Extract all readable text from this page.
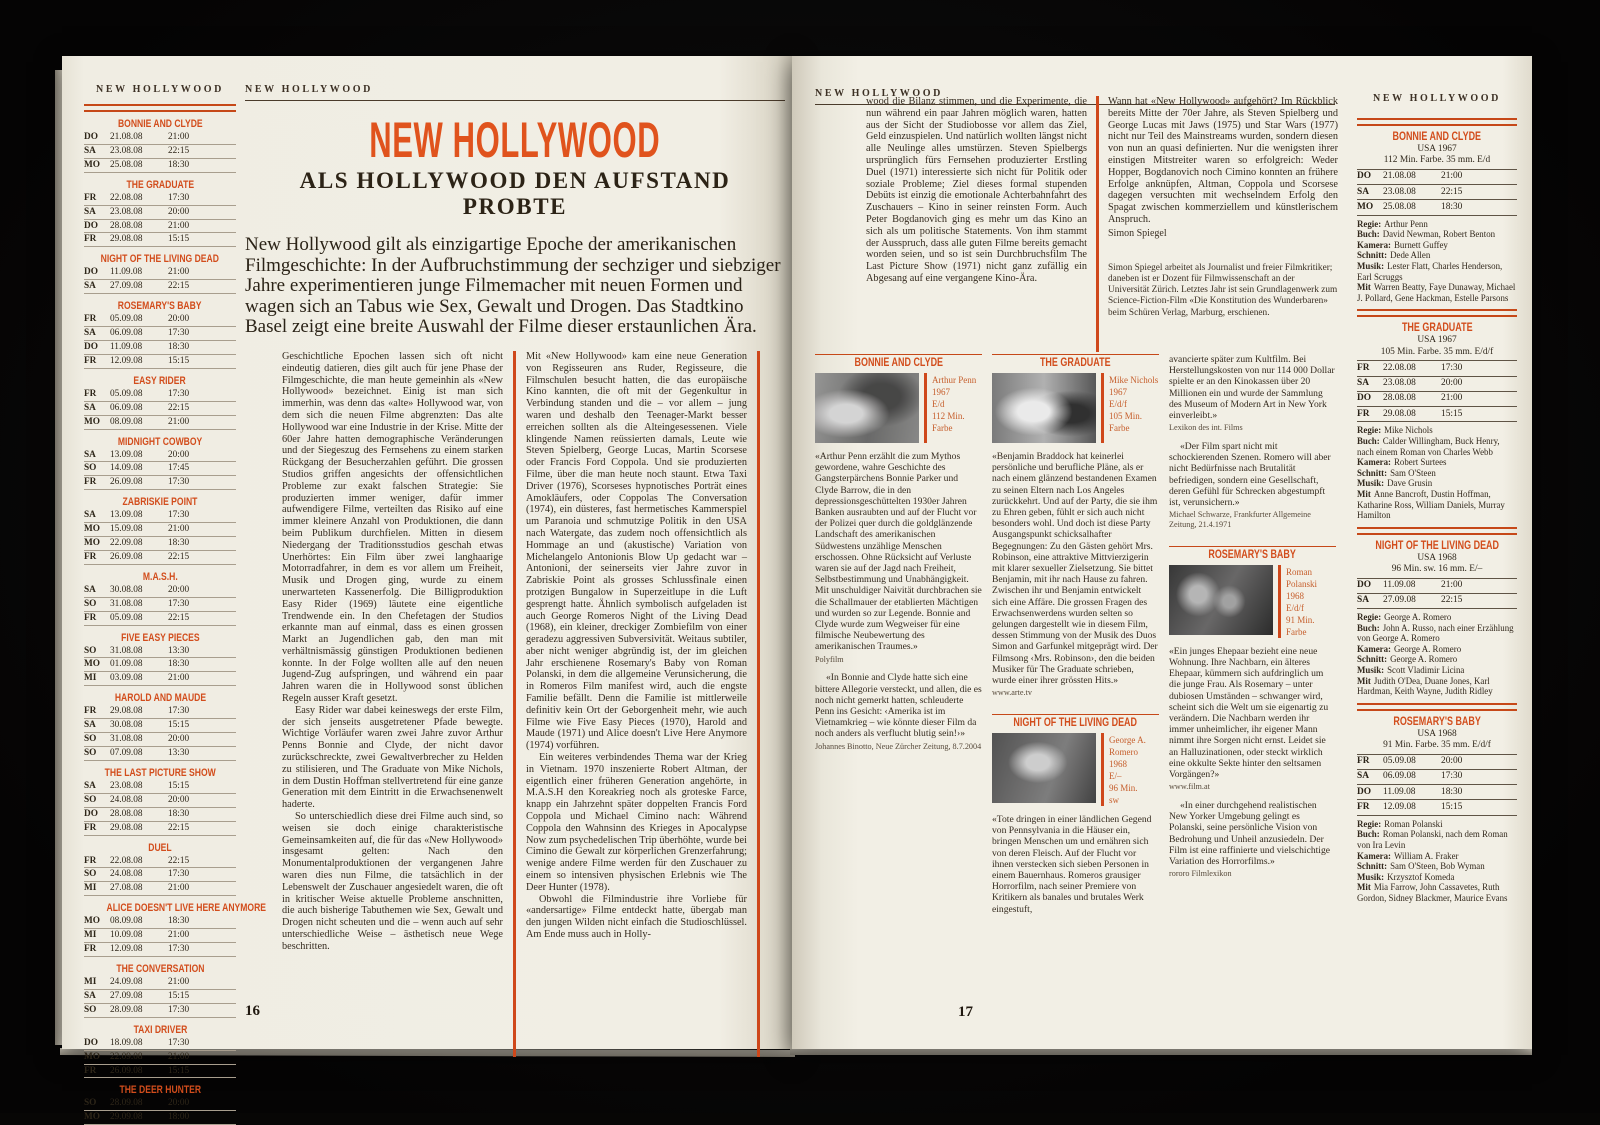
NEW HOLLYWOOD
BONNIE AND CLYDE
DO	21.08.08	21:00
SA	23.08.08	22:15
MO	25.08.08	18:30
THE GRADUATE
FR	22.08.08	17:30
SA	23.08.08	20:00
DO	28.08.08	21:00
FR	29.08.08	15:15
NIGHT OF THE LIVING DEAD
DO	11.09.08	21:00
SA	27.09.08	22:15
ROSEMARY'S BABY
FR	05.09.08	20:00
SA	06.09.08	17:30
DO	11.09.08	18:30
FR	12.09.08	15:15
EASY RIDER
FR	05.09.08	17:30
SA	06.09.08	22:15
MO	08.09.08	21:00
MIDNIGHT COWBOY
SA	13.09.08	20:00
SO	14.09.08	17:45
FR	26.09.08	17:30
ZABRISKIE POINT
SA	13.09.08	17:30
MO	15.09.08	21:00
MO	22.09.08	18:30
FR	26.09.08	22:15
M.A.S.H.
SA	30.08.08	20:00
SO	31.08.08	17:30
FR	05.09.08	22:15
FIVE EASY PIECES
SO	31.08.08	13:30
MO	01.09.08	18:30
MI	03.09.08	21:00
HAROLD AND MAUDE
FR	29.08.08	17:30
SA	30.08.08	15:15
SO	31.08.08	20:00
SO	07.09.08	13:30
THE LAST PICTURE SHOW
SA	23.08.08	15:15
SO	24.08.08	20:00
DO	28.08.08	18:30
FR	29.08.08	22:15
DUEL
FR	22.08.08	22:15
SO	24.08.08	17:30
MI	27.08.08	21:00
ALICE DOESN'T LIVE HERE ANYMORE
MO	08.09.08	18:30
MI	10.09.08	21:00
FR	12.09.08	17:30
THE CONVERSATION
MI	24.09.08	21:00
SA	27.09.08	15:15
SO	28.09.08	17:30
TAXI DRIVER
DO	18.09.08	17:30
MO	22.09.08	21:00
FR	26.09.08	15:15
THE DEER HUNTER
SO	28.09.08	20:00
MO	29.09.08	18:00
NEW HOLLYWOOD
NEW HOLLYWOOD
ALS HOLLYWOOD DEN AUFSTAND PROBTE

New Hollywood gilt als einzigartige Epoche der amerikanischen Filmgeschichte: In der Aufbruchstimmung der sechziger und siebziger Jahre experimentieren junge Filmemacher mit neuen Formen und wagen sich an Tabus wie Sex, Gewalt und Drogen. Das Stadtkino Basel zeigt eine breite Auswahl der Filme dieser erstaunlichen Ära.

Geschichtliche Epochen lassen sich oft nicht eindeutig datieren, dies gilt auch für jene Phase der Filmgeschichte, die man heute gemeinhin als «New Hollywood» bezeichnet. Einig ist man sich immerhin, was denn das «alte» Hollywood war, von dem sich die neuen Filme abgrenzten: Das alte Hollywood war eine Industrie in der Krise. Mitte der 60er Jahre hatten demographische Veränderungen und der Siegeszug des Fernsehens zu einem starken Rückgang der Besucherzahlen geführt. Die grossen Studios griffen angesichts der offensichtlichen Probleme zur exakt falschen Strategie: Sie produzierten immer weniger, dafür immer aufwendigere Filme, verteilten das Risiko auf eine immer kleinere Anzahl von Produktionen, die dann beim Publikum durchfielen. Mitten in diesem Niedergang der Traditionsstudios geschah etwas Unerhörtes: Ein Film über zwei langhaarige Motorradfahrer, in dem es vor allem um Freiheit, Musik und Drogen ging, wurde zu einem unerwarteten Kassenerfolg. Die Billigproduktion Easy Rider (1969) läutete eine eigentliche Trendwende ein. In den Chefetagen der Studios erkannte man auf einmal, dass es einen grossen Markt an Jugendlichen gab, den man mit verhältnismässig günstigen Produktionen bedienen konnte. In der Folge wollten alle auf den neuen Jugend-Zug aufspringen, und während ein paar Jahren waren die in Hollywood sonst üblichen Regeln ausser Kraft gesetzt.

Easy Rider war dabei keineswegs der erste Film, der sich jenseits ausgetretener Pfade bewegte. Wichtige Vorläufer waren zwei Jahre zuvor Arthur Penns Bonnie and Clyde, der nicht davor zurückschreckte, zwei Gewaltverbrecher zu Helden zu stilisieren, und The Graduate von Mike Nichols, in dem Dustin Hoffman stellvertretend für eine ganze Generation mit dem Eintritt in die Erwachsenenwelt haderte.

So unterschiedlich diese drei Filme auch sind, so weisen sie doch einige charakteristische Gemeinsamkeiten auf, die für das «New Hollywood» insgesamt gelten: Nach den Monumentalproduktionen der vergangenen Jahre waren dies nun Filme, die tatsächlich in der Lebenswelt der Zuschauer angesiedelt waren, die oft in kritischer Weise aktuelle Probleme anschnitten, die auch bisherige Tabuthemen wie Sex, Gewalt und Drogen nicht scheuten und die – wenn auch auf sehr unterschiedliche Weise – ästhetisch neue Wege beschritten.

Mit «New Hollywood» kam eine neue Generation von Regisseuren ans Ruder, Regisseure, die Filmschulen besucht hatten, die das europäische Kino kannten, die oft mit der Gegenkultur in Verbindung standen und die – vor allem – jung waren und deshalb den Teenager-Markt besser erreichen sollten als die Alteingesessenen. Viele klingende Namen reüssierten damals, Leute wie Steven Spielberg, George Lucas, Martin Scorsese oder Francis Ford Coppola. Und sie produzierten Filme, über die man heute noch staunt. Etwa Taxi Driver (1976), Scorseses hypnotisches Porträt eines Amokläufers, oder Coppolas The Conversation (1974), ein düsteres, fast hermetisches Kammerspiel um Paranoia und schmutzige Politik in den USA nach Watergate, das zudem noch offensichtlich als Hommage an und (akustische) Variation von Michelangelo Antonionis Blow Up gedacht war – Antonioni, der seinerseits vier Jahre zuvor in Zabriskie Point als grosses Schlussfinale einen protzigen Bungalow in Superzeitlupe in die Luft gesprengt hatte. Ähnlich symbolisch aufgeladen ist auch George Romeros Night of the Living Dead (1968), ein kleiner, dreckiger Zombiefilm von einer geradezu aggressiven Subversivität. Weitaus subtiler, aber nicht weniger abgründig ist, der im gleichen Jahr erschienene Rosemary's Baby von Roman Polanski, in dem die allgemeine Verunsicherung, die in Romeros Film manifest wird, auch die engste Familie befällt. Denn die Familie ist mittlerweile definitiv kein Ort der Geborgenheit mehr, wie auch Filme wie Five Easy Pieces (1970), Harold and Maude (1971) und Alice doesn't Live Here Anymore (1974) vorführen.

Ein weiteres verbindendes Thema war der Krieg in Vietnam. 1970 inszenierte Robert Altman, der eigentlich einer früheren Generation angehörte, in M.A.S.H den Koreakrieg noch als groteske Farce, knapp ein Jahrzehnt später doppelten Francis Ford Coppola und Michael Cimino nach: Während Coppola den Wahnsinn des Krieges in Apocalypse Now zum psychedelischen Trip überhöhte, wurde bei Cimino die Gewalt zur körperlichen Grenzerfahrung; wenige andere Filme werden für den Zuschauer zu einem so intensiven physischen Erlebnis wie The Deer Hunter (1978).

Obwohl die Filmindustrie ihre Vorliebe für «andersartige» Filme entdeckt hatte, übergab man den jungen Wilden nicht einfach die Studioschlüssel. Am Ende muss auch in Holly-

16
NEW HOLLYWOOD	NEW HOLLYWOOD

wood die Bilanz stimmen, und die Experimente, die nun während ein paar Jahren möglich waren, hatten aus der Sicht der Studiobosse vor allem das Ziel, Geld einzuspielen. Und natürlich wollten längst nicht alle Neulinge alles umstürzen. Steven Spielbergs ursprünglich fürs Fernsehen produzierter Erstling Duel (1971) interessierte sich nicht für Politik oder soziale Probleme; Ziel dieses formal stupenden Debüts ist einzig die emotionale Achterbahnfahrt des Zuschauers – Kino in seiner reinsten Form. Auch Peter Bogdanovich ging es mehr um das Kino an sich als um politische Statements. Von ihm stammt der Ausspruch, dass alle guten Filme bereits gemacht worden seien, und so ist sein Durchbruchsfilm The Last Picture Show (1971) nicht ganz zufällig ein Abgesang auf eine vergangene Kino-Ära.

Wann hat «New Hollywood» aufgehört? Im Rückblick bereits Mitte der 70er Jahre, als Steven Spielberg und George Lucas mit Jaws (1975) und Star Wars (1977) nicht nur Teil des Mainstreams wurden, sondern diesen von nun an quasi definierten. Nur die wenigsten ihrer einstigen Mitstreiter waren so erfolgreich: Weder Hopper, Bogdanovich noch Cimino konnten an frühere Erfolge anknüpfen, Altman, Coppola und Scorsese dagegen versuchten mit wechselndem Erfolg den Spagat zwischen kommerziellem und künstlerischem Anspruch.

Simon Spiegel
Simon Spiegel arbeitet als Journalist und freier Filmkritiker; daneben ist er Dozent für Filmwissenschaft an der Universität Zürich. Letztes Jahr ist sein Grundlagenwerk zum Science-Fiction-Film «Die Konstitution des Wunderbaren» beim Schüren Verlag, Marburg, erschienen.
BONNIE AND CLYDE
Arthur Penn
1967
E/d
112 Min.
Farbe

«Arthur Penn erzählt die zum Mythos gewordene, wahre Geschichte des Gangsterpärchens Bonnie Parker und Clyde Barrow, die in den depressionsgeschüttelten 1930er Jahren Banken ausraubten und auf der Flucht vor der Polizei quer durch die goldglänzende Landschaft des amerikanischen Südwestens unzählige Menschen erschossen. Ohne Rücksicht auf Verluste waren sie auf der Jagd nach Freiheit, Selbstbestimmung und Unabhängigkeit. Mit unschuldiger Naivität durchbrachen sie die Schallmauer der etablierten Mächtigen und wurden so zur Legende. Bonnie and Clyde wurde zum Wegweiser für eine filmische Neubewertung des amerikanischen Traumes.»

Polyfilm

«In Bonnie and Clyde hatte sich eine bittere Allegorie versteckt, und allen, die es noch nicht gemerkt hatten, schleuderte Penn ins Gesicht: ‹Amerika ist im Vietnamkrieg – wie könnte dieser Film da noch anders als verflucht blutig sein!›»

Johannes Binotto, Neue Zürcher Zeitung, 8.7.2004

THE GRADUATE
Mike Nichols
1967
E/d/f
105 Min.
Farbe

«Benjamin Braddock hat keinerlei persönliche und berufliche Pläne, als er nach einem glänzend bestandenen Examen zu seinen Eltern nach Los Angeles zurückkehrt. Und auf der Party, die sie ihm zu Ehren geben, fühlt er sich auch nicht besonders wohl. Und doch ist diese Party Ausgangspunkt schicksalhafter Begegnungen: Zu den Gästen gehört Mrs. Robinson, eine attraktive Mittvierzigerin mit klarer sexueller Zielsetzung. Sie bittet Benjamin, mit ihr nach Hause zu fahren. Zwischen ihr und Benjamin entwickelt sich eine Affäre. Die grossen Fragen des Erwachsenwerdens wurden selten so gelungen dargestellt wie in diesem Film, dessen Stimmung von der Musik des Duos Simon and Garfunkel mitgeprägt wird. Der Filmsong ‹Mrs. Robinson›, den die beiden Musiker für The Graduate schrieben, wurde einer ihrer grössten Hits.»

www.arte.tv

NIGHT OF THE LIVING DEAD
George A. Romero
1968
E/–
96 Min.
sw

«Tote dringen in einer ländlichen Gegend von Pennsylvania in die Häuser ein, bringen Menschen um und ernähren sich von deren Fleisch. Auf der Flucht vor ihnen verstecken sich sieben Personen in einem Bauernhaus. Romeros grausiger Horrorfilm, nach seiner Premiere von Kritikern als banales und brutales Werk eingestuft,

avancierte später zum Kultfilm. Bei Herstellungskosten von nur 114 000 Dollar spielte er an den Kinokassen über 20 Millionen ein und wurde der Sammlung des Museum of Modern Art in New York einverleibt.»

Lexikon des int. Films

«Der Film spart nicht mit schockierenden Szenen. Romero will aber nicht Bedürfnisse nach Brutalität befriedigen, sondern eine Gesellschaft, deren Gefühl für Schrecken abgestumpft ist, verunsichern.»

Michael Schwarze, Frankfurter Allgemeine Zeitung, 21.4.1971

ROSEMARY'S BABY
Roman Polanski
1968
E/d/f
91 Min.
Farbe

«Ein junges Ehepaar bezieht eine neue Wohnung. Ihre Nachbarn, ein älteres Ehepaar, kümmern sich aufdringlich um die junge Frau. Als Rosemary – unter dubiosen Umständen – schwanger wird, scheint sich die Welt um sie eigenartig zu verändern. Die Nachbarn werden ihr immer unheimlicher, ihr eigener Mann nimmt ihre Sorgen nicht ernst. Leidet sie an Halluzinationen, oder steckt wirklich eine okkulte Sekte hinter den seltsamen Vorgängen?»

www.film.at

«In einer durchgehend realistischen New Yorker Umgebung gelingt es Polanski, seine persönliche Vision von Bedrohung und Unheil anzusiedeln. Der Film ist eine raffinierte und vielschichtige Variation des Horrorfilms.»

rororo Filmlexikon

BONNIE AND CLYDE
USA 1967
112 Min. Farbe. 35 mm. E/d
DO	21.08.08	21:00
SA	23.08.08	22:15
MO	25.08.08	18:30
Regie: Arthur Penn
Buch: David Newman, Robert Benton
Kamera: Burnett Guffey
Schnitt: Dede Allen
Musik: Lester Flatt, Charles Henderson, Earl Scruggs
Mit Warren Beatty, Faye Dunaway, Michael J. Pollard, Gene Hackman, Estelle Parsons
THE GRADUATE
USA 1967
105 Min. Farbe. 35 mm. E/d/f
FR	22.08.08	17:30
SA	23.08.08	20:00
DO	28.08.08	21:00
FR	29.08.08	15:15
Regie: Mike Nichols
Buch: Calder Willingham, Buck Henry, nach einem Roman von Charles Webb
Kamera: Robert Surtees
Schnitt: Sam O'Steen
Musik: Dave Grusin
Mit Anne Bancroft, Dustin Hoffman, Katharine Ross, William Daniels, Murray Hamilton
NIGHT OF THE LIVING DEAD
USA 1968
96 Min. sw. 16 mm. E/–
DO	11.09.08	21:00
SA	27.09.08	22:15
Regie: George A. Romero
Buch: John A. Russo, nach einer Erzählung von George A. Romero
Kamera: George A. Romero
Schnitt: George A. Romero
Musik: Scott Vladimir Licina
Mit Judith O'Dea, Duane Jones, Karl Hardman, Keith Wayne, Judith Ridley
ROSEMARY'S BABY
USA 1968
91 Min. Farbe. 35 mm. E/d/f
FR	05.09.08	20:00
SA	06.09.08	17:30
DO	11.09.08	18:30
FR	12.09.08	15:15
Regie: Roman Polanski
Buch: Roman Polanski, nach dem Roman von Ira Levin
Kamera: William A. Fraker
Schnitt: Sam O'Steen, Bob Wyman
Musik: Krzysztof Komeda
Mit Mia Farrow, John Cassavetes, Ruth Gordon, Sidney Blackmer, Maurice Evans
17
